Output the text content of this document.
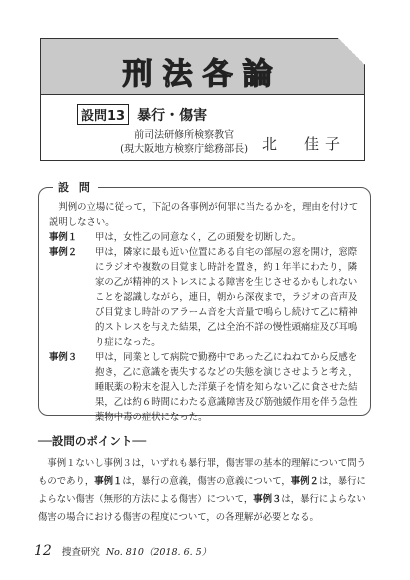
刑法各論
設問13 暴行・傷害
前司法研修所検察教官
(現大阪地方検察庁総務部長) 北　佳子
設 問

判例の立場に従って，下記の各事例が何罪に当たるかを，理由を付けて説明しなさい。

事例１	甲は，女性乙の同意なく，乙の頭髪を切断した。
事例２	甲は，隣家に最も近い位置にある自宅の部屋の窓を開け，窓際にラジオや複数の目覚まし時計を置き，約１年半にわたり，隣家の乙が精神的ストレスによる障害を生じさせるかもしれないことを認識しながら，連日，朝から深夜まで，ラジオの音声及び目覚まし時計のアラーム音を大音量で鳴らし続けて乙に精神的ストレスを与えた結果，乙は全治不詳の慢性頭痛症及び耳鳴り症になった。
事例３	甲は，同業として病院で勤務中であった乙にねねてから反感を抱き，乙に意識を喪失するなどの失態を演じさせようと考え，睡眠薬の粉末を混入した洋菓子を情を知らない乙に食させた結果，乙は約６時間にわたる意識障害及び筋弛緩作用を伴う急性薬物中毒の症状になった。
──設問のポイント──
事例１ないし事例３は，いずれも暴行罪，傷害罪の基本的理解について問うものであり，事例１は，暴行の意義，傷害の意義について，事例２は，暴行によらない傷害（無形的方法による傷害）について，事例３は，暴行によらない傷害の場合における傷害の程度について，の各理解が必要となる。
12 捜査研究 No. 810（2018. 6. 5）
